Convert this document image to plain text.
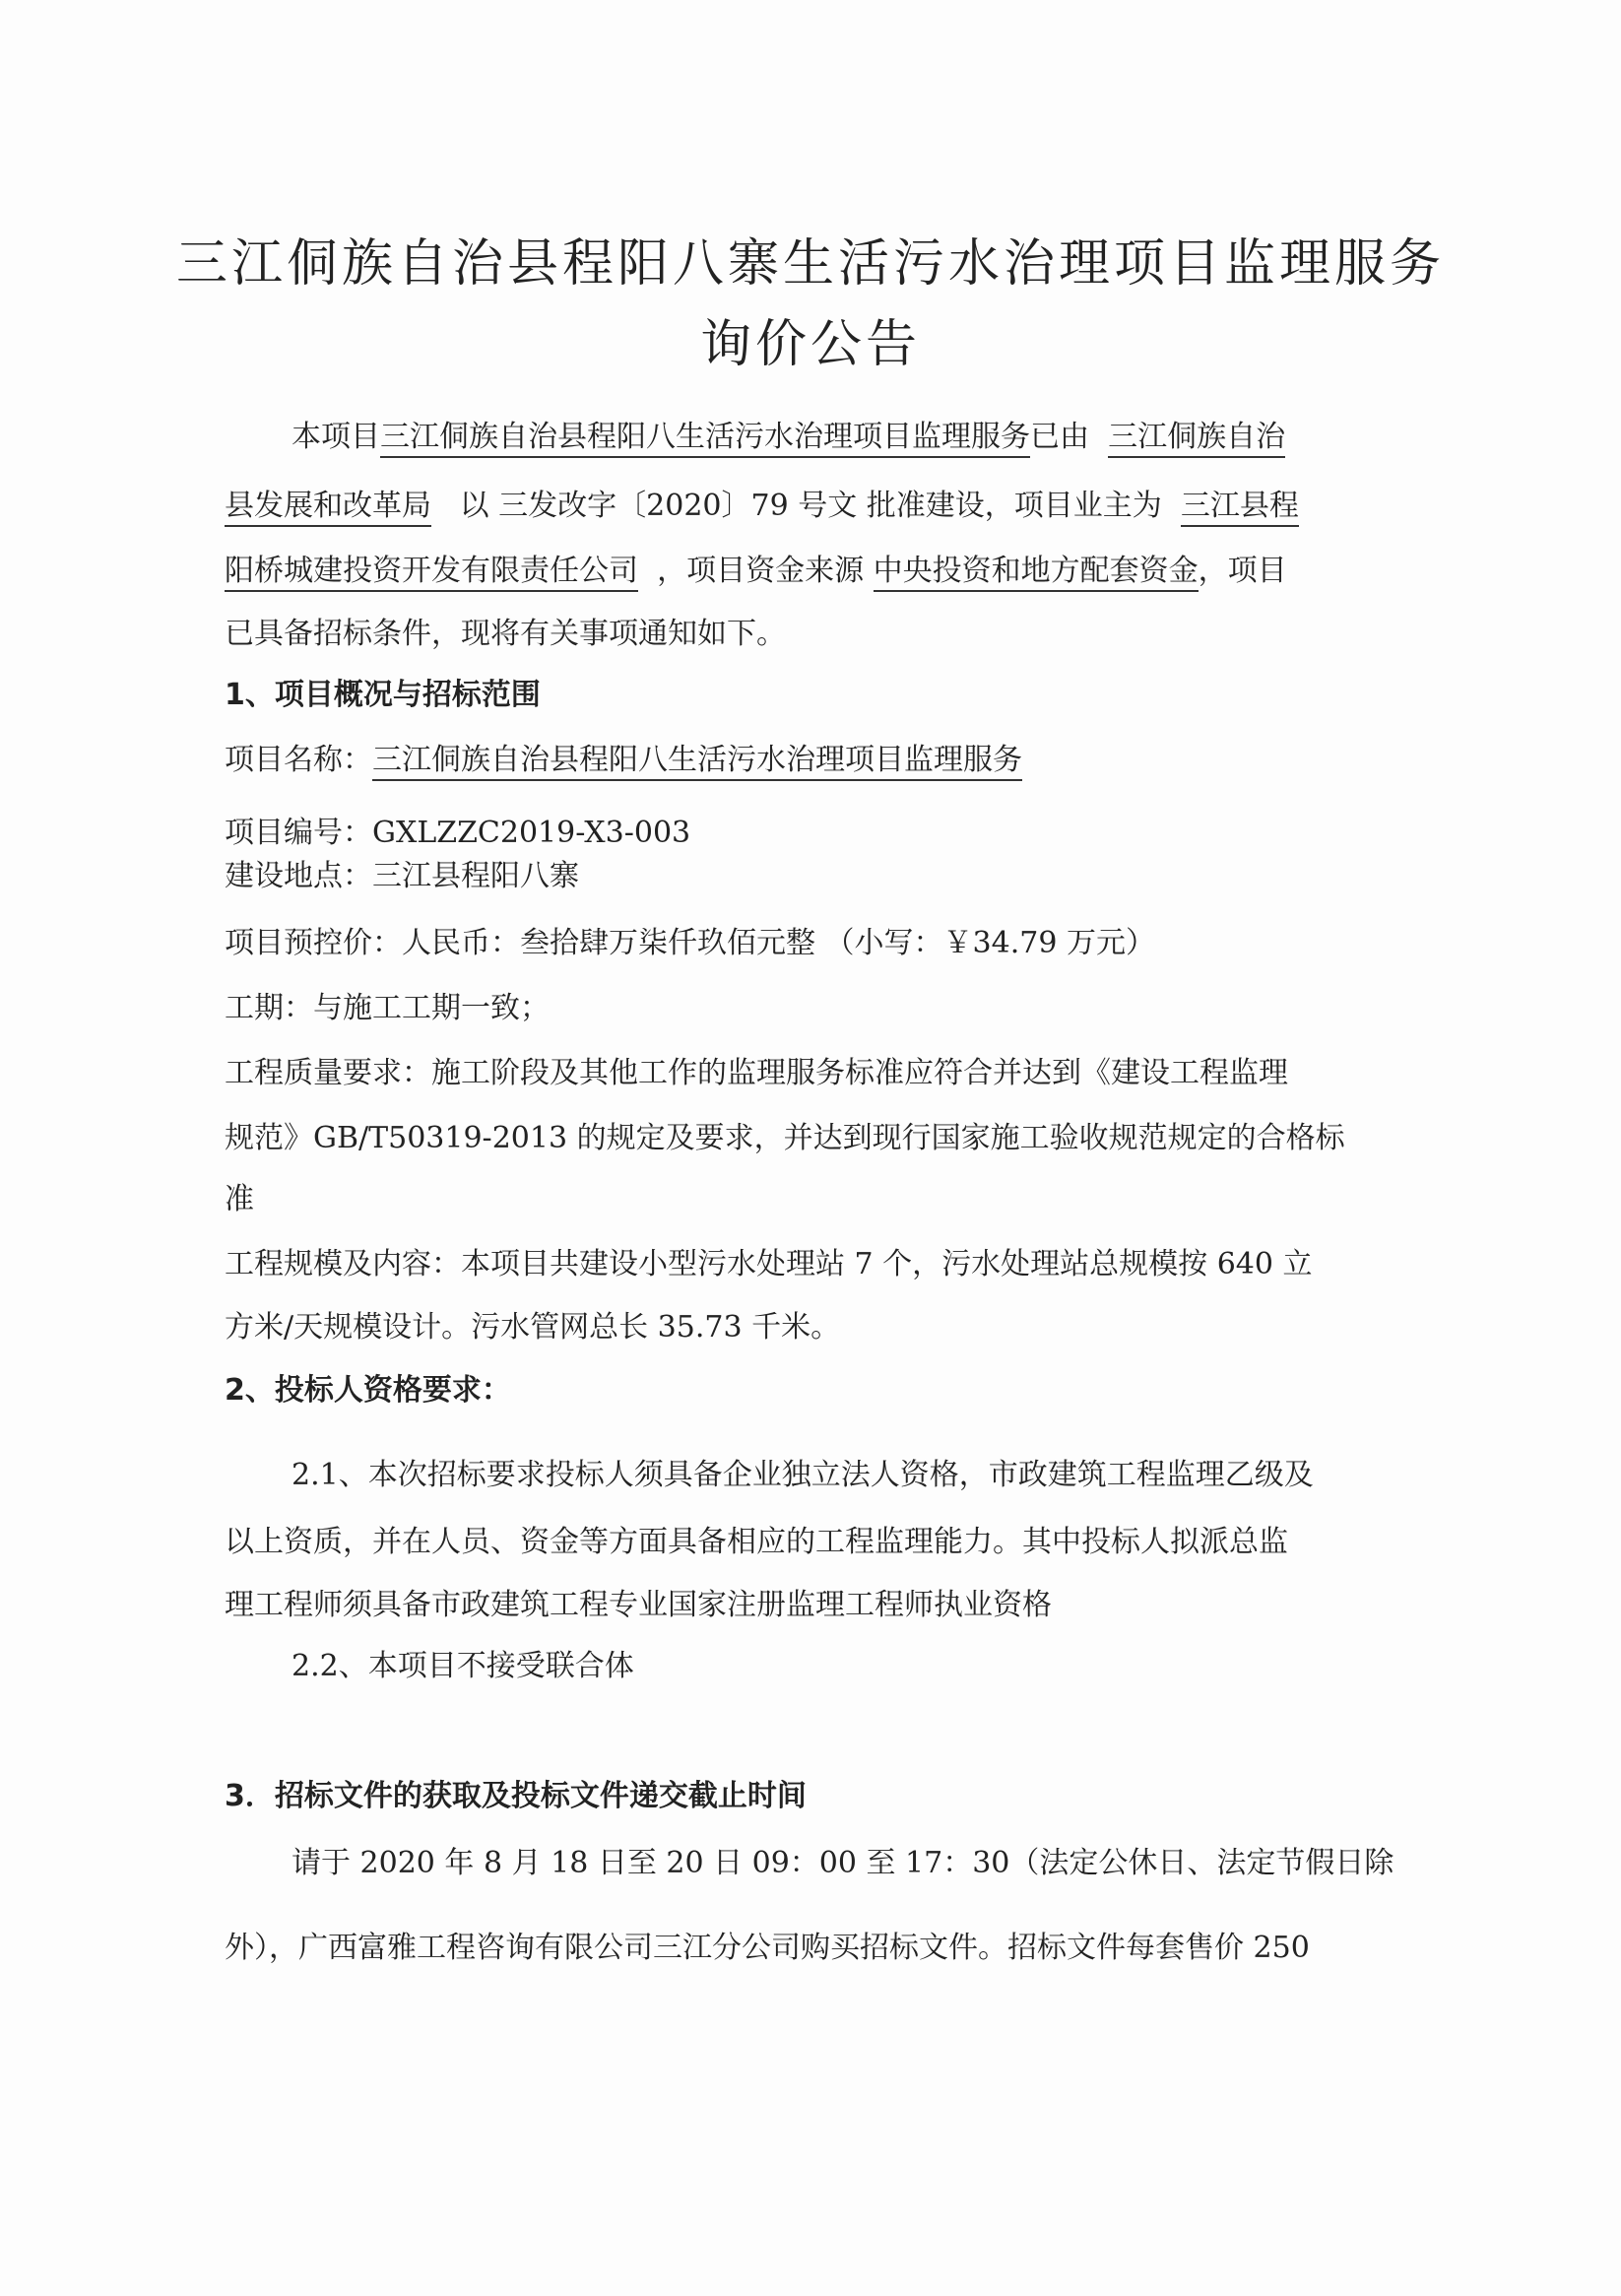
三江侗族自治县程阳八寨生活污水治理项目监理服务
询价公告
本项目三江侗族自治县程阳八生活污水治理项目监理服务已由 三江侗族自治
县发展和改革局 以 三发改字〔2020〕79 号文 批准建设，项目业主为 三江县程
阳桥城建投资开发有限责任公司 ，项目资金来源 中央投资和地方配套资金，项目
已具备招标条件，现将有关事项通知如下。
1、项目概况与招标范围
项目名称：三江侗族自治县程阳八生活污水治理项目监理服务
项目编号：GXLZZC2019-X3-003
建设地点：三江县程阳八寨
项目预控价：人民币：叁拾肆万柒仟玖佰元整 （小写：￥34.79 万元）
工期：与施工工期一致；
工程质量要求：施工阶段及其他工作的监理服务标准应符合并达到《建设工程监理
规范》GB/T50319-2013 的规定及要求，并达到现行国家施工验收规范规定的合格标
准
工程规模及内容：本项目共建设小型污水处理站 7 个，污水处理站总规模按 640 立
方米/天规模设计。污水管网总长 35.73 千米。
2、投标人资格要求：
2.1、本次招标要求投标人须具备企业独立法人资格，市政建筑工程监理乙级及
以上资质，并在人员、资金等方面具备相应的工程监理能力。其中投标人拟派总监
理工程师须具备市政建筑工程专业国家注册监理工程师执业资格
2.2、本项目不接受联合体
3．招标文件的获取及投标文件递交截止时间
请于 2020 年 8 月 18 日至 20 日 09：00 至 17：30（法定公休日、法定节假日除
外），广西富雅工程咨询有限公司三江分公司购买招标文件。招标文件每套售价 250
